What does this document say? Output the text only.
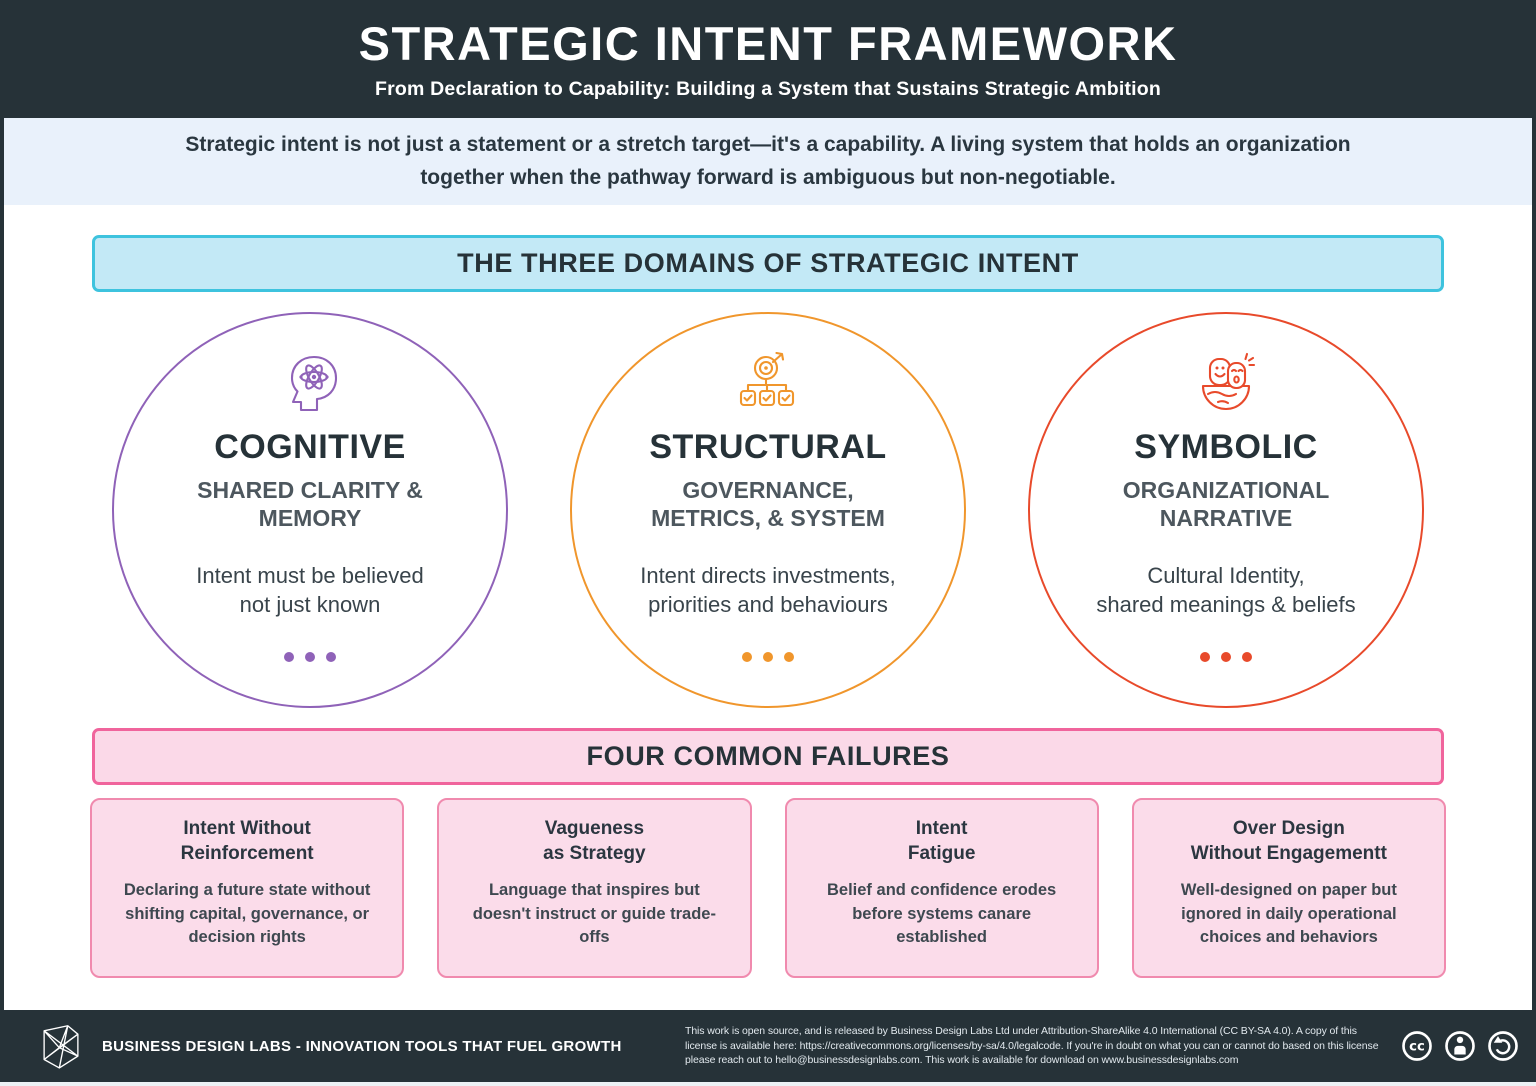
STRATEGIC INTENT FRAMEWORK
From Declaration to Capability: Building a System that Sustains Strategic Ambition

Strategic intent is not just a statement or a stretch target—it's a capability. A living system that holds an organization

together when the pathway forward is ambiguous but non-negotiable.

THE THREE DOMAINS OF STRATEGIC INTENT
COGNITIVE
SHARED CLARITY &
MEMORY
Intent must be believed
not just known
STRUCTURAL
GOVERNANCE,
METRICS, & SYSTEM
Intent directs investments,
priorities and behaviours
SYMBOLIC
ORGANIZATIONAL
NARRATIVE
Cultural Identity,
shared meanings & beliefs
FOUR COMMON FAILURES
Intent Without
Reinforcement
Declaring a future state without shifting capital, governance, or decision rights
Vagueness
as Strategy
Language that inspires but doesn't instruct or guide trade-offs
Intent
Fatigue
Belief and confidence erodes before systems canare established
Over Design
Without Engagementt
Well-designed on paper but ignored in daily operational choices and behaviors
BUSINESS DESIGN LABS - INNOVATION TOOLS THAT FUEL GROWTH
This work is open source, and is released by Business Design Labs Ltd under Attribution-ShareAlike 4.0 International (CC BY-SA 4.0). A copy of this license is available here: https://creativecommons.org/licenses/by-sa/4.0/legalcode. If you're in doubt on what you can or cannot do based on this license please reach out to hello@businessdesignlabs.com. This work is available for download on www.businessdesignlabs.com
cc
